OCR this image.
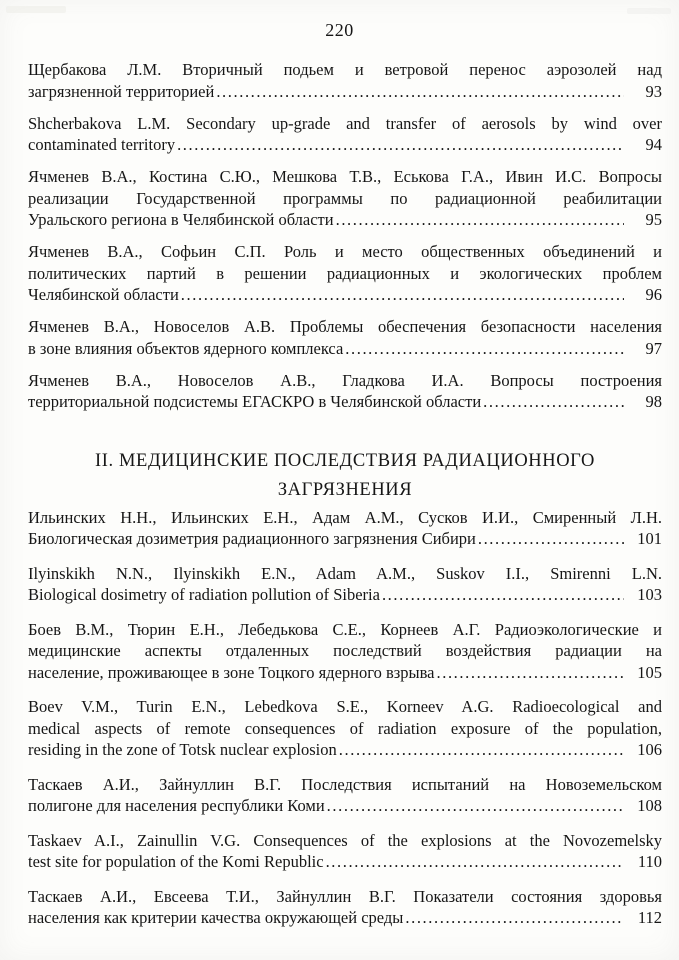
220
Щербакова Л.М. Вторичный подьем и ветровой перенос аэрозолей над
загрязненной территорией .....	93
Shcherbakova L.M. Secondary up-grade and transfer of aerosols by wind over
contaminated territory .....	94
Ячменев В.А., Костина С.Ю., Мешкова Т.В., Еськова Г.А., Ивин И.С. Вопросы
реализации Государственной программы по радиационной реабилитации
Уральского региона в Челябинской области .....	95
Ячменев В.А., Софьин С.П. Роль и место общественных объединений и
политических партий в решении радиационных и экологических проблем
Челябинской области .....	96
Ячменев В.А., Новоселов А.В. Проблемы обеспечения безопасности населения
в зоне влияния объектов ядерного комплекса .....	97
Ячменев В.А., Новоселов А.В., Гладкова И.А. Вопросы построения
территориальной подсистемы ЕГАСКРО в Челябинской области .....	98
II. МЕДИЦИНСКИЕ ПОСЛЕДСТВИЯ РАДИАЦИОННОГО
ЗАГРЯЗНЕНИЯ
Ильинских Н.Н., Ильинских Е.Н., Адам А.М., Сусков И.И., Смиренный Л.Н.
Биологическая дозиметрия радиационного загрязнения Сибири .....	101
Ilyinskikh N.N., Ilyinskikh E.N., Adam A.M., Suskov I.I., Smirenni L.N.
Biological dosimetry of radiation pollution of Siberia .....	103
Боев В.М., Тюрин Е.Н., Лебедькова С.Е., Корнеев А.Г. Радиоэкологические и
медицинские аспекты отдаленных последствий воздействия радиации на
население, проживающее в зоне Тоцкого ядерного взрыва .....	105
Boev V.M., Turin E.N., Lebedkova S.E., Korneev A.G. Radioecological and
medical aspects of remote consequences of radiation exposure of the population,
residing in the zone of Totsk nuclear explosion .....	106
Таскаев А.И., Зайнуллин В.Г. Последствия испытаний на Новоземельском
полигоне для населения республики Коми .....	108
Taskaev A.I., Zainullin V.G. Consequences of the explosions at the Novozemelsky
test site for population of the Komi Republic .....	110
Таскаев А.И., Евсеева Т.И., Зайнуллин В.Г. Показатели состояния здоровья
населения как критерии качества окружающей среды .....	112
